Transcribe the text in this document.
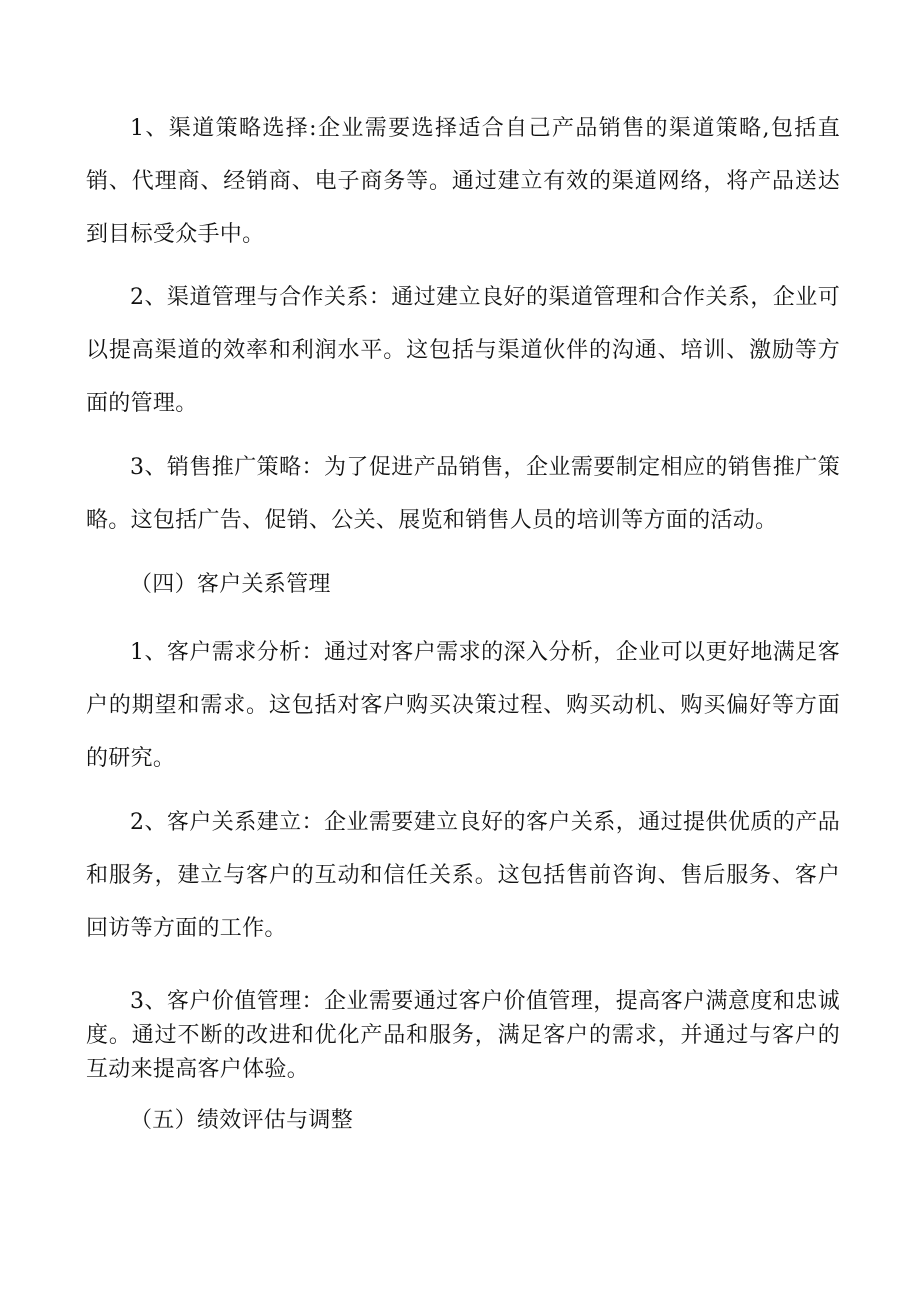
1、渠道策略选择:企业需要选择适合自己产品销售的渠道策略,包括直销、代理商、经销商、电子商务等。通过建立有效的渠道网络，将产品送达到目标受众手中。

2、渠道管理与合作关系：通过建立良好的渠道管理和合作关系，企业可以提高渠道的效率和利润水平。这包括与渠道伙伴的沟通、培训、激励等方面的管理。

3、销售推广策略：为了促进产品销售，企业需要制定相应的销售推广策略。这包括广告、促销、公关、展览和销售人员的培训等方面的活动。

（四）客户关系管理

1、客户需求分析：通过对客户需求的深入分析，企业可以更好地满足客户的期望和需求。这包括对客户购买决策过程、购买动机、购买偏好等方面的研究。

2、客户关系建立：企业需要建立良好的客户关系，通过提供优质的产品和服务，建立与客户的互动和信任关系。这包括售前咨询、售后服务、客户回访等方面的工作。

3、客户价值管理：企业需要通过客户价值管理，提高客户满意度和忠诚度。通过不断的改进和优化产品和服务，满足客户的需求，并通过与客户的互动来提高客户体验。

（五）绩效评估与调整
